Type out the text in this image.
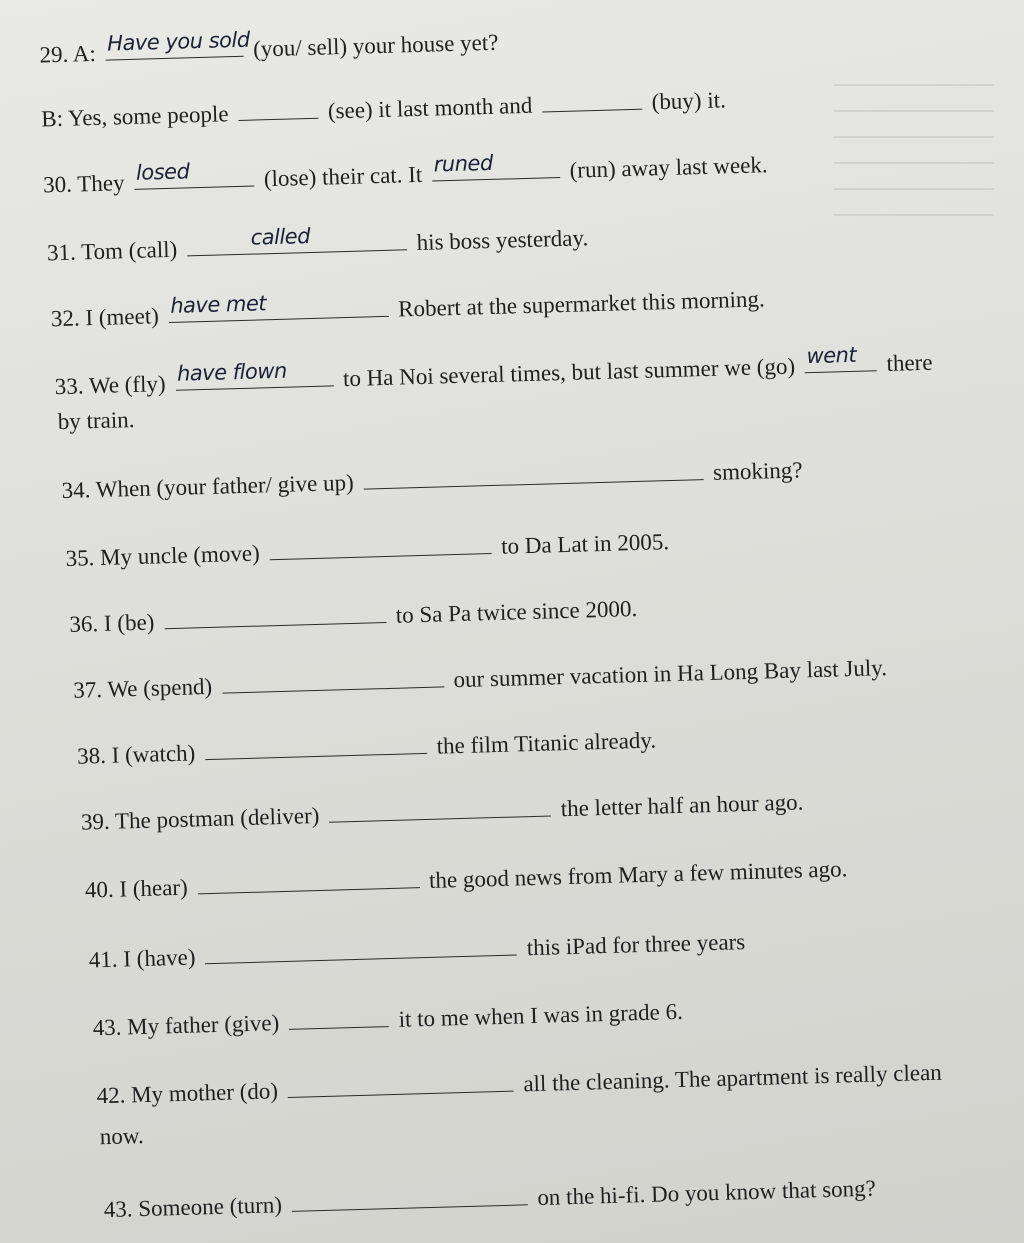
29. A: Have you sold (you/ sell) your house yet?
B: Yes, some people	(see) it last month and	(buy) it.
30. They losed	(lose) their cat. It runed	(run) away last week.
31. Tom (call)	called	his boss yesterday.
32. I (meet) have met	Robert at the supermarket this morning.
33. We (fly) have flown to Ha Noi several times, but last summer we (go) went there
by train.
34. When (your father/ give up)	smoking?
35. My uncle (move)	to Da Lat in 2005.
36. I (be)	to Sa Pa twice since 2000.
37. We (spend)	our summer vacation in Ha Long Bay last July.
38. I (watch)	the film Titanic already.
39. The postman (deliver)	the letter half an hour ago.
40. I (hear)	the good news from Mary a few minutes ago.
41. I (have)	this iPad for three years
43. My father (give)	it to me when I was in grade 6.
42. My mother (do)	all the cleaning. The apartment is really clean
now.
43. Someone (turn)	on the hi-fi. Do you know that song?
